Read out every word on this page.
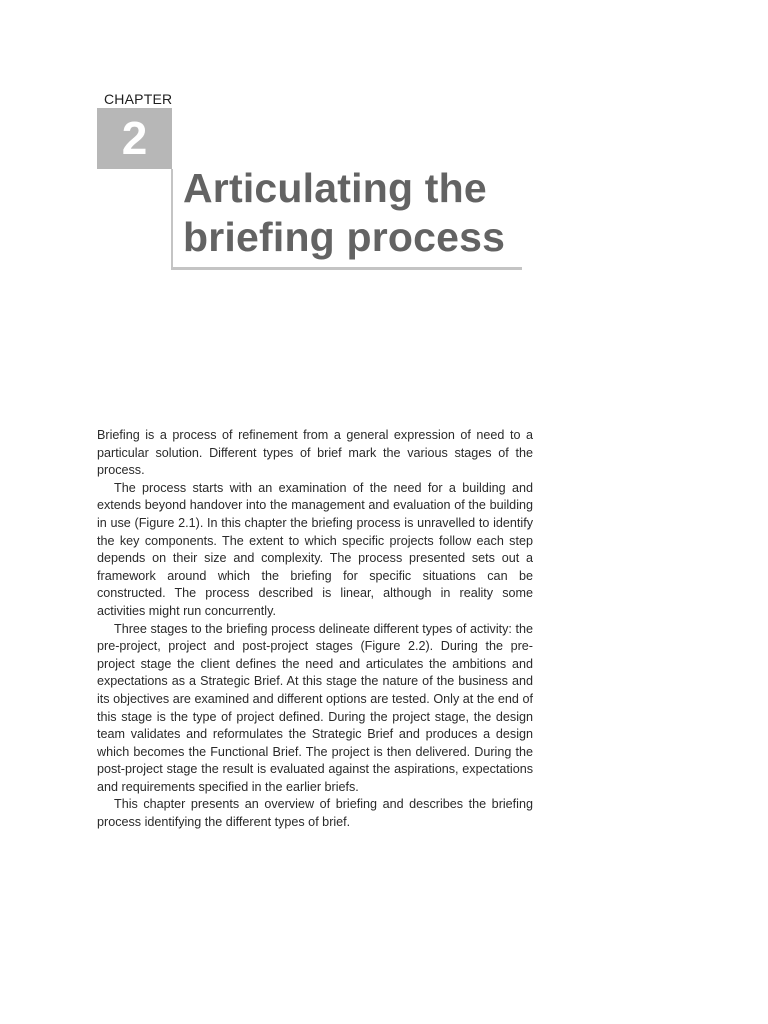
CHAPTER
2
Articulating the
briefing process

Briefing is a process of refinement from a general expression of need to a particular solution. Different types of brief mark the various stages of the process.

The process starts with an examination of the need for a building and extends beyond handover into the management and evaluation of the building in use (Figure 2.1). In this chapter the briefing process is unravelled to identify the key components. The extent to which specific projects follow each step depends on their size and complexity. The process presented sets out a framework around which the briefing for specific situations can be constructed. The process described is linear, although in reality some activities might run concurrently.

Three stages to the briefing process delineate different types of activity: the pre-project, project and post-project stages (Figure 2.2). During the pre-project stage the client defines the need and articulates the ambitions and expectations as a Strategic Brief. At this stage the nature of the business and its objectives are examined and different options are tested. Only at the end of this stage is the type of project defined. During the project stage, the design team validates and reformulates the Strategic Brief and produces a design which becomes the Functional Brief. The project is then delivered. During the post-project stage the result is evaluated against the aspirations, expectations and requirements specified in the earlier briefs.

This chapter presents an overview of briefing and describes the briefing process identifying the different types of brief.
